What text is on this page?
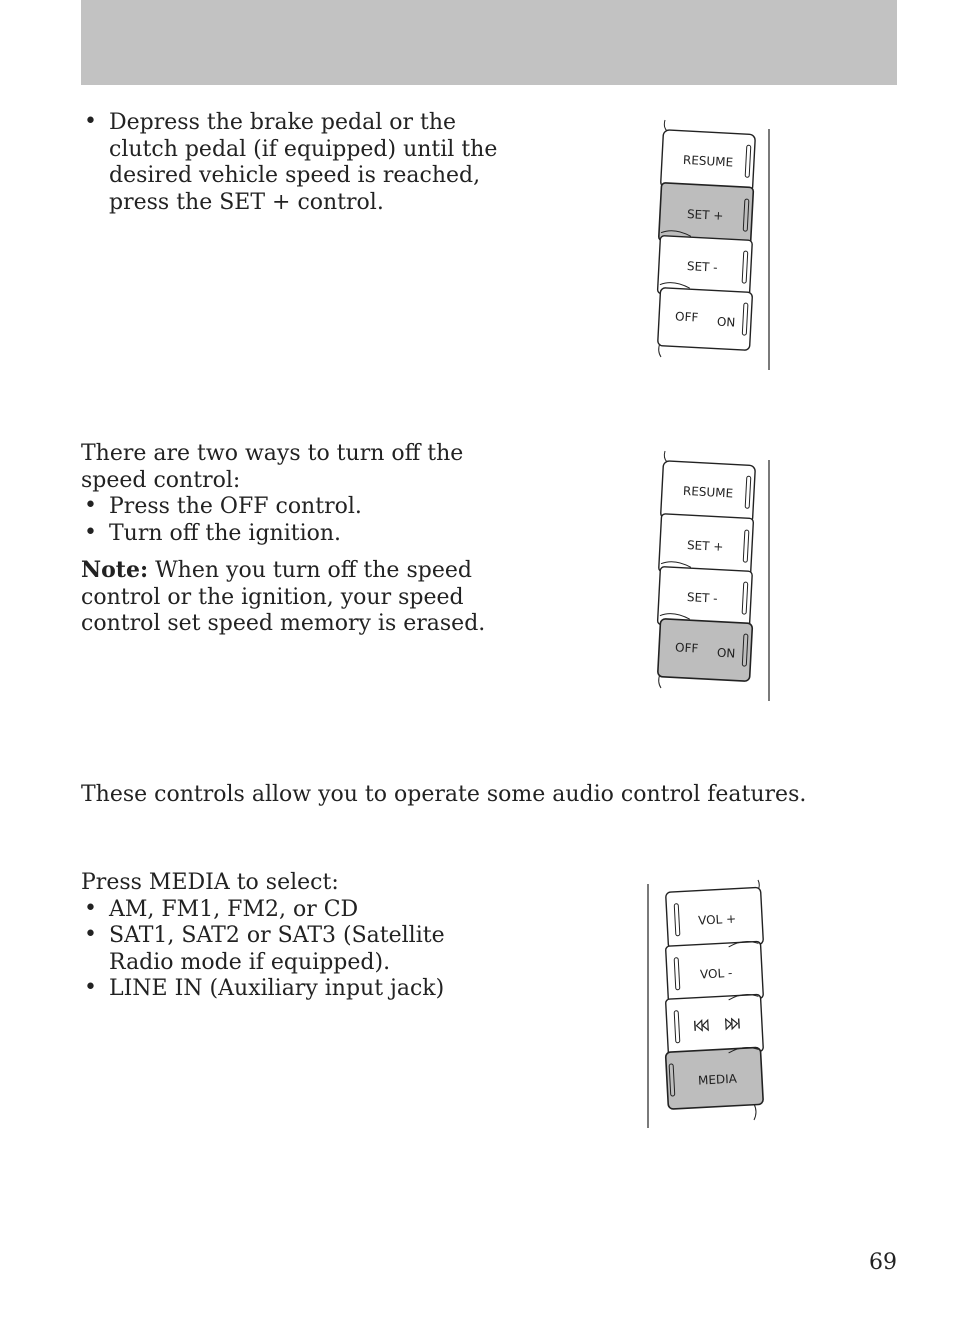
• Depress the brake pedal or the clutch pedal (if equipped) until the desired vehicle speed is reached, press the SET + control.
RESUME
SET +
SET -
OFF ON

There are two ways to turn off the speed control:

• Press the OFF control.
• Turn off the ignition.

Note: When you turn off the speed control or the ignition, your speed control set speed memory is erased.

RESUME
SET +
SET -
OFF ON

These controls allow you to operate some audio control features.

Press MEDIA to select:

• AM, FM1, FM2, or CD
• SAT1, SAT2 or SAT3 (Satellite Radio mode if equipped).
• LINE IN (Auxiliary input jack)
VOL +
VOL -
MEDIA
69
